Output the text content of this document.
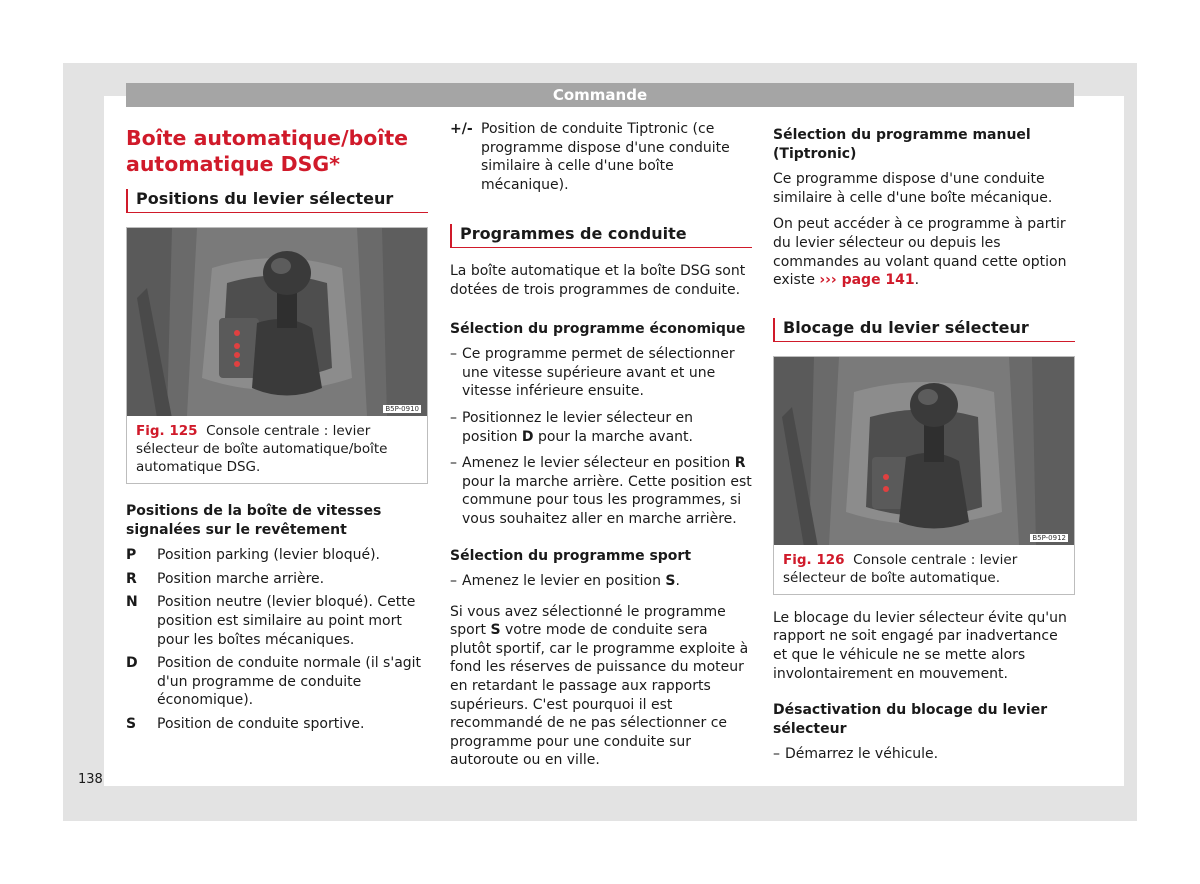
Commande
Boîte automatique/boîte automatique DSG*
Positions du levier sélecteur
B5P-0910
Fig. 125 Console centrale : levier sélecteur de boîte automatique/boîte automatique DSG.
Positions de la boîte de vitesses signalées sur le revêtement
P	Position parking (levier bloqué).
R	Position marche arrière.
N	Position neutre (levier bloqué). Cette position est similaire au point mort pour les boîtes mécaniques.
D	Position de conduite normale (il s'agit d'un programme de conduite économique).
S	Position de conduite sportive.
+/- Position de conduite Tiptronic (ce programme dispose d'une conduite similaire à celle d'une boîte mécanique).
Programmes de conduite

La boîte automatique et la boîte DSG sont dotées de trois programmes de conduite.

Sélection du programme économique
– Ce programme permet de sélectionner une vitesse supérieure avant et une vitesse inférieure ensuite.
– Positionnez le levier sélecteur en position D pour la marche avant.
– Amenez le levier sélecteur en position R pour la marche arrière. Cette position est commune pour tous les programmes, si vous souhaitez aller en marche arrière.
Sélection du programme sport
– Amenez le levier en position S.

Si vous avez sélectionné le programme sport S votre mode de conduite sera plutôt sportif, car le programme exploite à fond les réserves de puissance du moteur en retardant le passage aux rapports supérieurs. C'est pourquoi il est recommandé de ne pas sélectionner ce programme pour une conduite sur autoroute ou en ville.

Sélection du programme manuel (Tiptronic)

Ce programme dispose d'une conduite similaire à celle d'une boîte mécanique.

On peut accéder à ce programme à partir du levier sélecteur ou depuis les commandes au volant quand cette option existe ››› page 141.

Blocage du levier sélecteur
B5P-0912
Fig. 126 Console centrale : levier sélecteur de boîte automatique.

Le blocage du levier sélecteur évite qu'un rapport ne soit engagé par inadvertance et que le véhicule ne se mette alors involontairement en mouvement.

Désactivation du blocage du levier sélecteur
– Démarrez le véhicule.
138
